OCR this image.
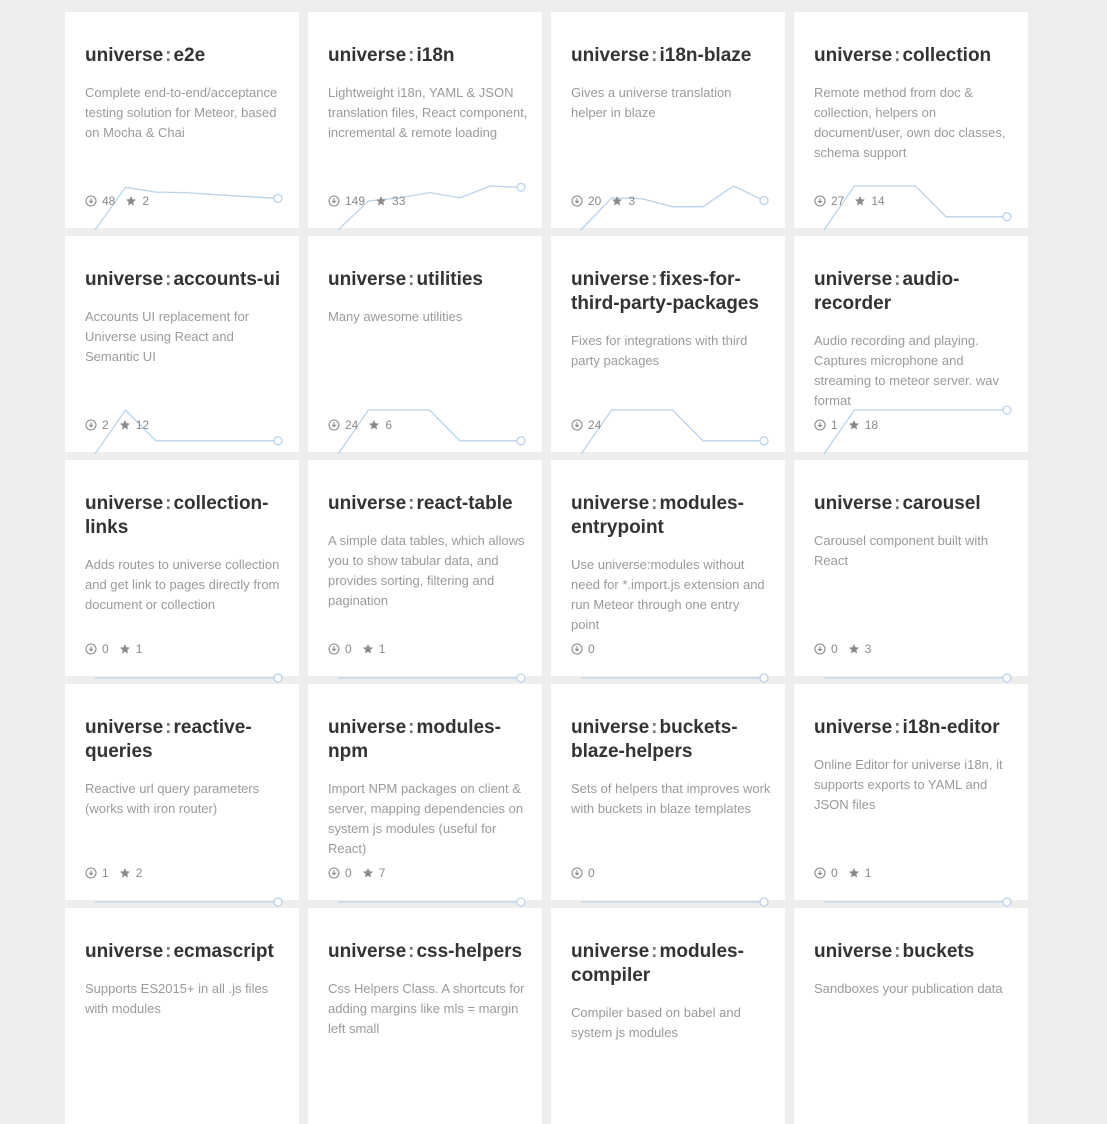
universe : e2e

Complete end-to-end/acceptance testing solution for Meteor, based on Mocha & Chai

48 2
universe : i18n

Lightweight i18n, YAML & JSON translation files, React component, incremental & remote loading

149 33
universe : i18n-blaze

Gives a universe translation helper in blaze

20 3
universe : collection

Remote method from doc & collection, helpers on document/user, own doc classes, schema support

27 14
universe : accounts-ui

Accounts UI replacement for Universe using React and Semantic UI

2 12
universe : utilities

Many awesome utilities

24 6
universe : fixes-for-third-party-packages

Fixes for integrations with third party packages

24
universe : audio-recorder

Audio recording and playing. Captures microphone and streaming to meteor server. wav format

1 18
universe : collection-links

Adds routes to universe collection and get link to pages directly from document or collection

0 1
universe : react-table

A simple data tables, which allows you to show tabular data, and provides sorting, filtering and pagination

0 1
universe : modules-entrypoint

Use universe:modules without need for *.import.js extension and run Meteor through one entry point

0
universe : carousel

Carousel component built with React

0 3
universe : reactive-queries

Reactive url query parameters (works with iron router)

1 2
universe : modules-npm

Import NPM packages on client & server, mapping dependencies on system js modules (useful for React)

0 7
universe : buckets-blaze-helpers

Sets of helpers that improves work with buckets in blaze templates

0
universe : i18n-editor

Online Editor for universe i18n, it supports exports to YAML and JSON files

0 1
universe : ecmascript

Supports ES2015+ in all .js files with modules

universe : css-helpers

Css Helpers Class. A shortcuts for adding margins like mls = margin left small

universe : modules-compiler

Compiler based on babel and system js modules

universe : buckets

Sandboxes your publication data
